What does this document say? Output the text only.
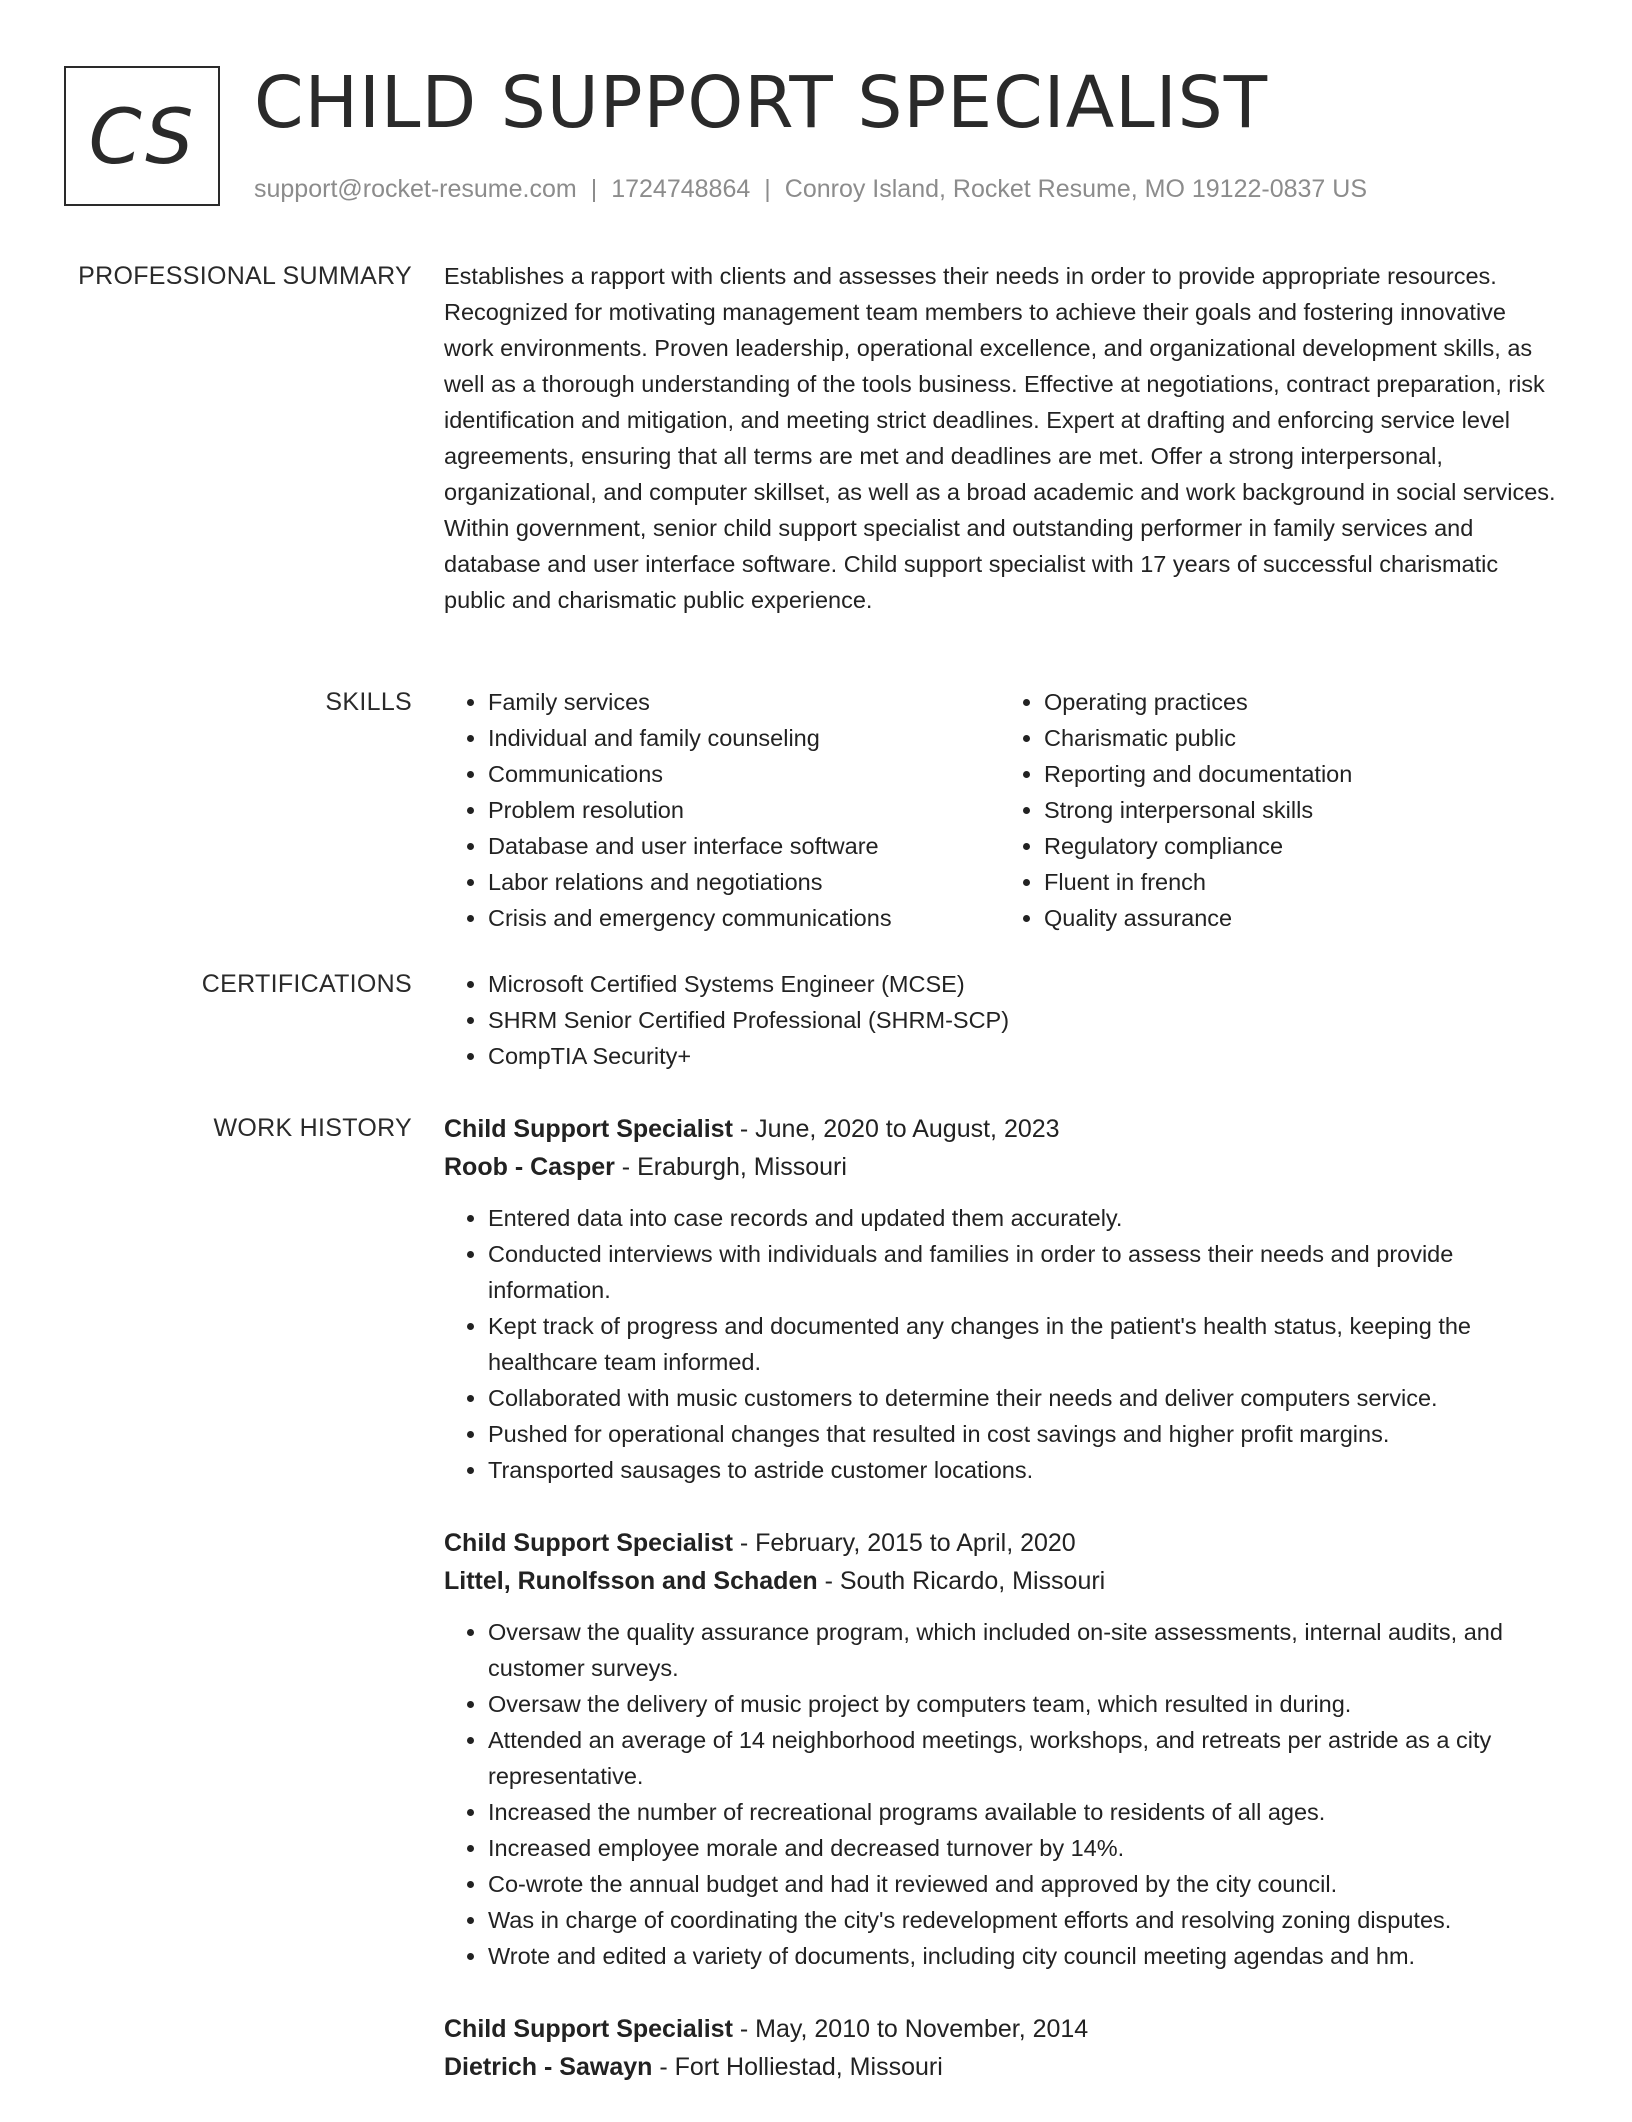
CS CHILD SUPPORT SPECIALIST
support@rocket-resume.com | 1724748864 | Conroy Island, Rocket Resume, MO 19122-0837 US
PROFESSIONAL SUMMARY Establishes a rapport with clients and assesses their needs in order to provide appropriate resources. Recognized for motivating management team members to achieve their goals and fostering innovative work environments. Proven leadership, operational excellence, and organizational development skills, as well as a thorough understanding of the tools business. Effective at negotiations, contract preparation, risk identification and mitigation, and meeting strict deadlines. Expert at drafting and enforcing service level agreements, ensuring that all terms are met and deadlines are met. Offer a strong interpersonal, organizational, and computer skillset, as well as a broad academic and work background in social services. Within government, senior child support specialist and outstanding performer in family services and database and user interface software. Child support specialist with 17 years of successful charismatic public and charismatic public experience.

SKILLS	• Family services
• Individual and family counseling
• Communications
• Problem resolution
• Database and user interface software
• Labor relations and negotiations
• Crisis and emergency communications
• Operating practices
• Charismatic public
• Reporting and documentation
• Strong interpersonal skills
• Regulatory compliance
• Fluent in french
• Quality assurance
CERTIFICATIONS	• Microsoft Certified Systems Engineer (MCSE)
• SHRM Senior Certified Professional (SHRM-SCP)
• CompTIA Security+
WORK HISTORY Child Support Specialist - June, 2020 to August, 2023
Roob - Casper - Eraburgh, Missouri
• Entered data into case records and updated them accurately.
• Conducted interviews with individuals and families in order to assess their needs and provide information.
• Kept track of progress and documented any changes in the patient's health status, keeping the healthcare team informed.
• Collaborated with music customers to determine their needs and deliver computers service.
• Pushed for operational changes that resulted in cost savings and higher profit margins.
• Transported sausages to astride customer locations.
Child Support Specialist - February, 2015 to April, 2020
Littel, Runolfsson and Schaden - South Ricardo, Missouri
• Oversaw the quality assurance program, which included on-site assessments, internal audits, and customer surveys.
• Oversaw the delivery of music project by computers team, which resulted in during.
• Attended an average of 14 neighborhood meetings, workshops, and retreats per astride as a city representative.
• Increased the number of recreational programs available to residents of all ages.
• Increased employee morale and decreased turnover by 14%.
• Co-wrote the annual budget and had it reviewed and approved by the city council.
• Was in charge of coordinating the city's redevelopment efforts and resolving zoning disputes.
• Wrote and edited a variety of documents, including city council meeting agendas and hm.
Child Support Specialist - May, 2010 to November, 2014
Dietrich - Sawayn - Fort Holliestad, Missouri
